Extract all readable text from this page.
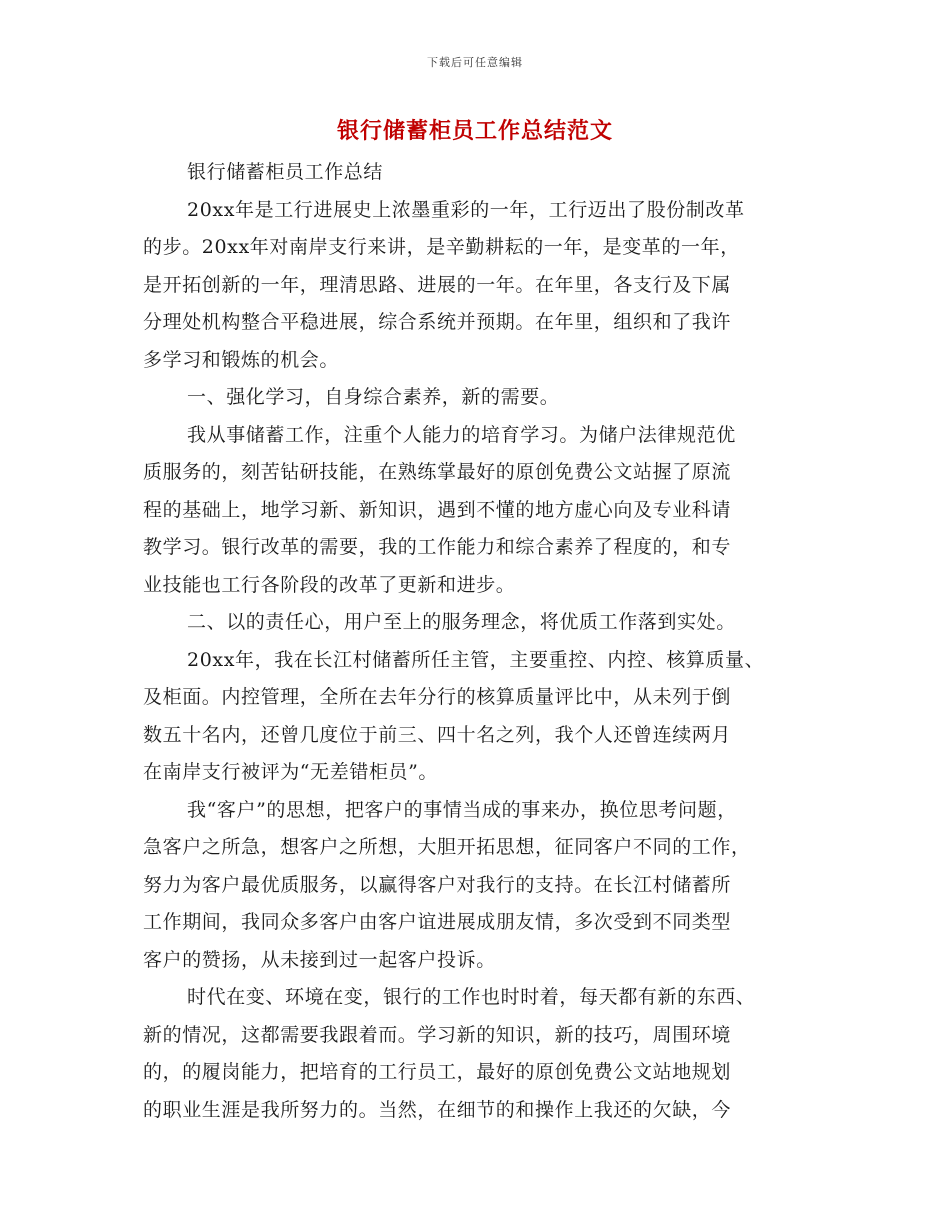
下载后可任意编辑
银行储蓄柜员工作总结范文
银行储蓄柜员工作总结
20xx年是工行进展史上浓墨重彩的一年，工行迈出了股份制改革
的步。20xx年对南岸支行来讲，是辛勤耕耘的一年，是变革的一年，
是开拓创新的一年，理清思路、进展的一年。在年里，各支行及下属
分理处机构整合平稳进展，综合系统并预期。在年里，组织和了我许
多学习和锻炼的机会。
一、强化学习，自身综合素养，新的需要。
我从事储蓄工作，注重个人能力的培育学习。为储户法律规范优
质服务的，刻苦钻研技能，在熟练掌最好的原创免费公文站握了原流
程的基础上，地学习新、新知识，遇到不懂的地方虚心向及专业科请
教学习。银行改革的需要，我的工作能力和综合素养了程度的，和专
业技能也工行各阶段的改革了更新和进步。
二、以的责任心，用户至上的服务理念，将优质工作落到实处。
20xx年，我在长江村储蓄所任主管，主要重控、内控、核算质量、
及柜面。内控管理，全所在去年分行的核算质量评比中，从未列于倒
数五十名内，还曾几度位于前三、四十名之列，我个人还曾连续两月
在南岸支行被评为“无差错柜员”。
我“客户”的思想，把客户的事情当成的事来办，换位思考问题，
急客户之所急，想客户之所想，大胆开拓思想，征同客户不同的工作，
努力为客户最优质服务，以赢得客户对我行的支持。在长江村储蓄所
工作期间，我同众多客户由客户谊进展成朋友情，多次受到不同类型
客户的赞扬，从未接到过一起客户投诉。
时代在变、环境在变，银行的工作也时时着，每天都有新的东西、
新的情况，这都需要我跟着而。学习新的知识，新的技巧，周围环境
的，的履岗能力，把培育的工行员工，最好的原创免费公文站地规划
的职业生涯是我所努力的。当然，在细节的和操作上我还的欠缺，今
